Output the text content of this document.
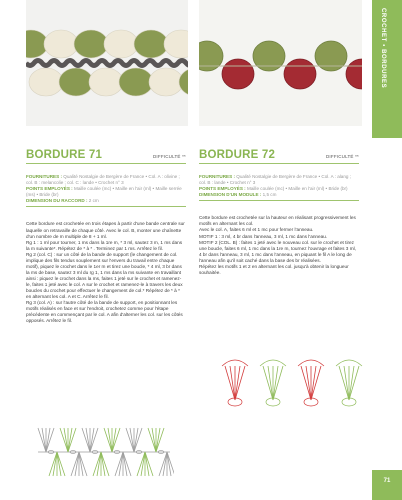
CROCHET • BORDURES
BORDURE 71	DIFFICULTÉ **
FOURNITURES : Qualité Nostalgie de Bergère de France • Col. A : olivine ; col. B : melancolie ; col. C : lande • Crochet n° 3
POINTS EMPLOYÉS : Maille coulée (mc) • Maille en l'air (ml) • Maille serrée (ms) • Bride (br)
DIMENSION DU RACCORD : 2 cm

Cette bordure est crochetée en trois étapes à partir d'une bande centrale sur laquelle on retravaille de chaque côté. Avec le col. B, monter une chaînette d'un nombre de m multiple de 8 + 1 ml.

Rg 1 : 1 ml pour tourner, 1 ms dans la 1re m, * 3 ml, sautez 3 m, 1 ms dans la m suivante*. Répétez de * à * . Terminez par 1 ms. Arrêtez le fil.

Rg 2 (col. C) : sur un côté de la bande de support (le changement de col. implique des fils tendus souplement sur l'envers du travail entre chaque motif), piquez le crochet dans le 1er m et tirez une boucle, * 4 ml, 3 br dans la ms de base, sautez 3 ml du rg 1, 1 ms dans la ms suivante en travaillant ainsi : piquez le crochet dans la ms, faites 1 jeté sur le crochet et ramenez-le, faites 1 jeté avec le col. A sur le crochet et ramenez-le à travers les deux boucles du crochet pour effectuer le changement de col.* Répétez de * à * en alternant les col. A et C. Arrêtez le fil.

Rg 3 (col. A) : sur l'autre côté de la bande de support, en positionnant les motifs réalisés en face et sur l'endroit, crochetez comme pour l'étape précédente en commençant par le col. A afin d'alterner les col. sur les côtés opposés. Arrêtez le fil.

BORDURE 72	DIFFICULTÉ **
FOURNITURES : Qualité Nostalgie de Bergère de France • Col. A : alang ; col. B : lande • Crochet n° 3
POINTS EMPLOYÉS : Maille coulée (mc) • Maille en l'air (ml) • Bride (br)
DIMENSION D'UN MODULE : 1,5 cm

Cette bordure est crochetée sur la hauteur en réalisant progressivement les motifs en alternant les col.

Avec le col. A, faites 6 ml et 1 mc pour fermer l'anneau.

MOTIF 1 : 3 ml, 4 br dans l'anneau, 3 ml, 1 mc dans l'anneau.

MOTIF 2 (COL. B) : faites 1 jeté avec le nouveau col. sur le crochet et tirez une boucle, faites 6 ml, 1 mc dans la 1re m, tournez l'ouvrage et faites 3 ml, 4 br dans l'anneau, 3 ml, 1 mc dans l'anneau, en piquant le fil A le long de l'anneau afin qu'il soit caché dans la base des br réalisées.

Répétez les motifs 1 et 2 en alternant les col. jusqu'à obtenir la longueur souhaitée.

71
